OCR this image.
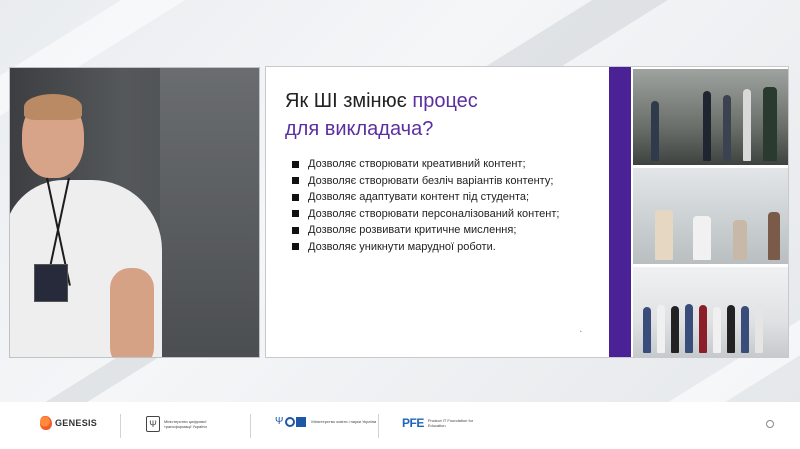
Як ШІ змінює процес
для викладача?
Дозволяє створювати креативний контент;
Дозволяє створювати безліч варіантів контенту;
Дозволяє адаптувати контент під студента;
Дозволяє створювати персоналізований контент;
Дозволяє розвивати критичне мислення;
Дозволяє уникнути марудної роботи.
◔
GENESIS	Ψ	Міністерство цифрової трансформації України	Ψ	Міністерство освіти і науки України	PFE Product IT Foundation for Education
